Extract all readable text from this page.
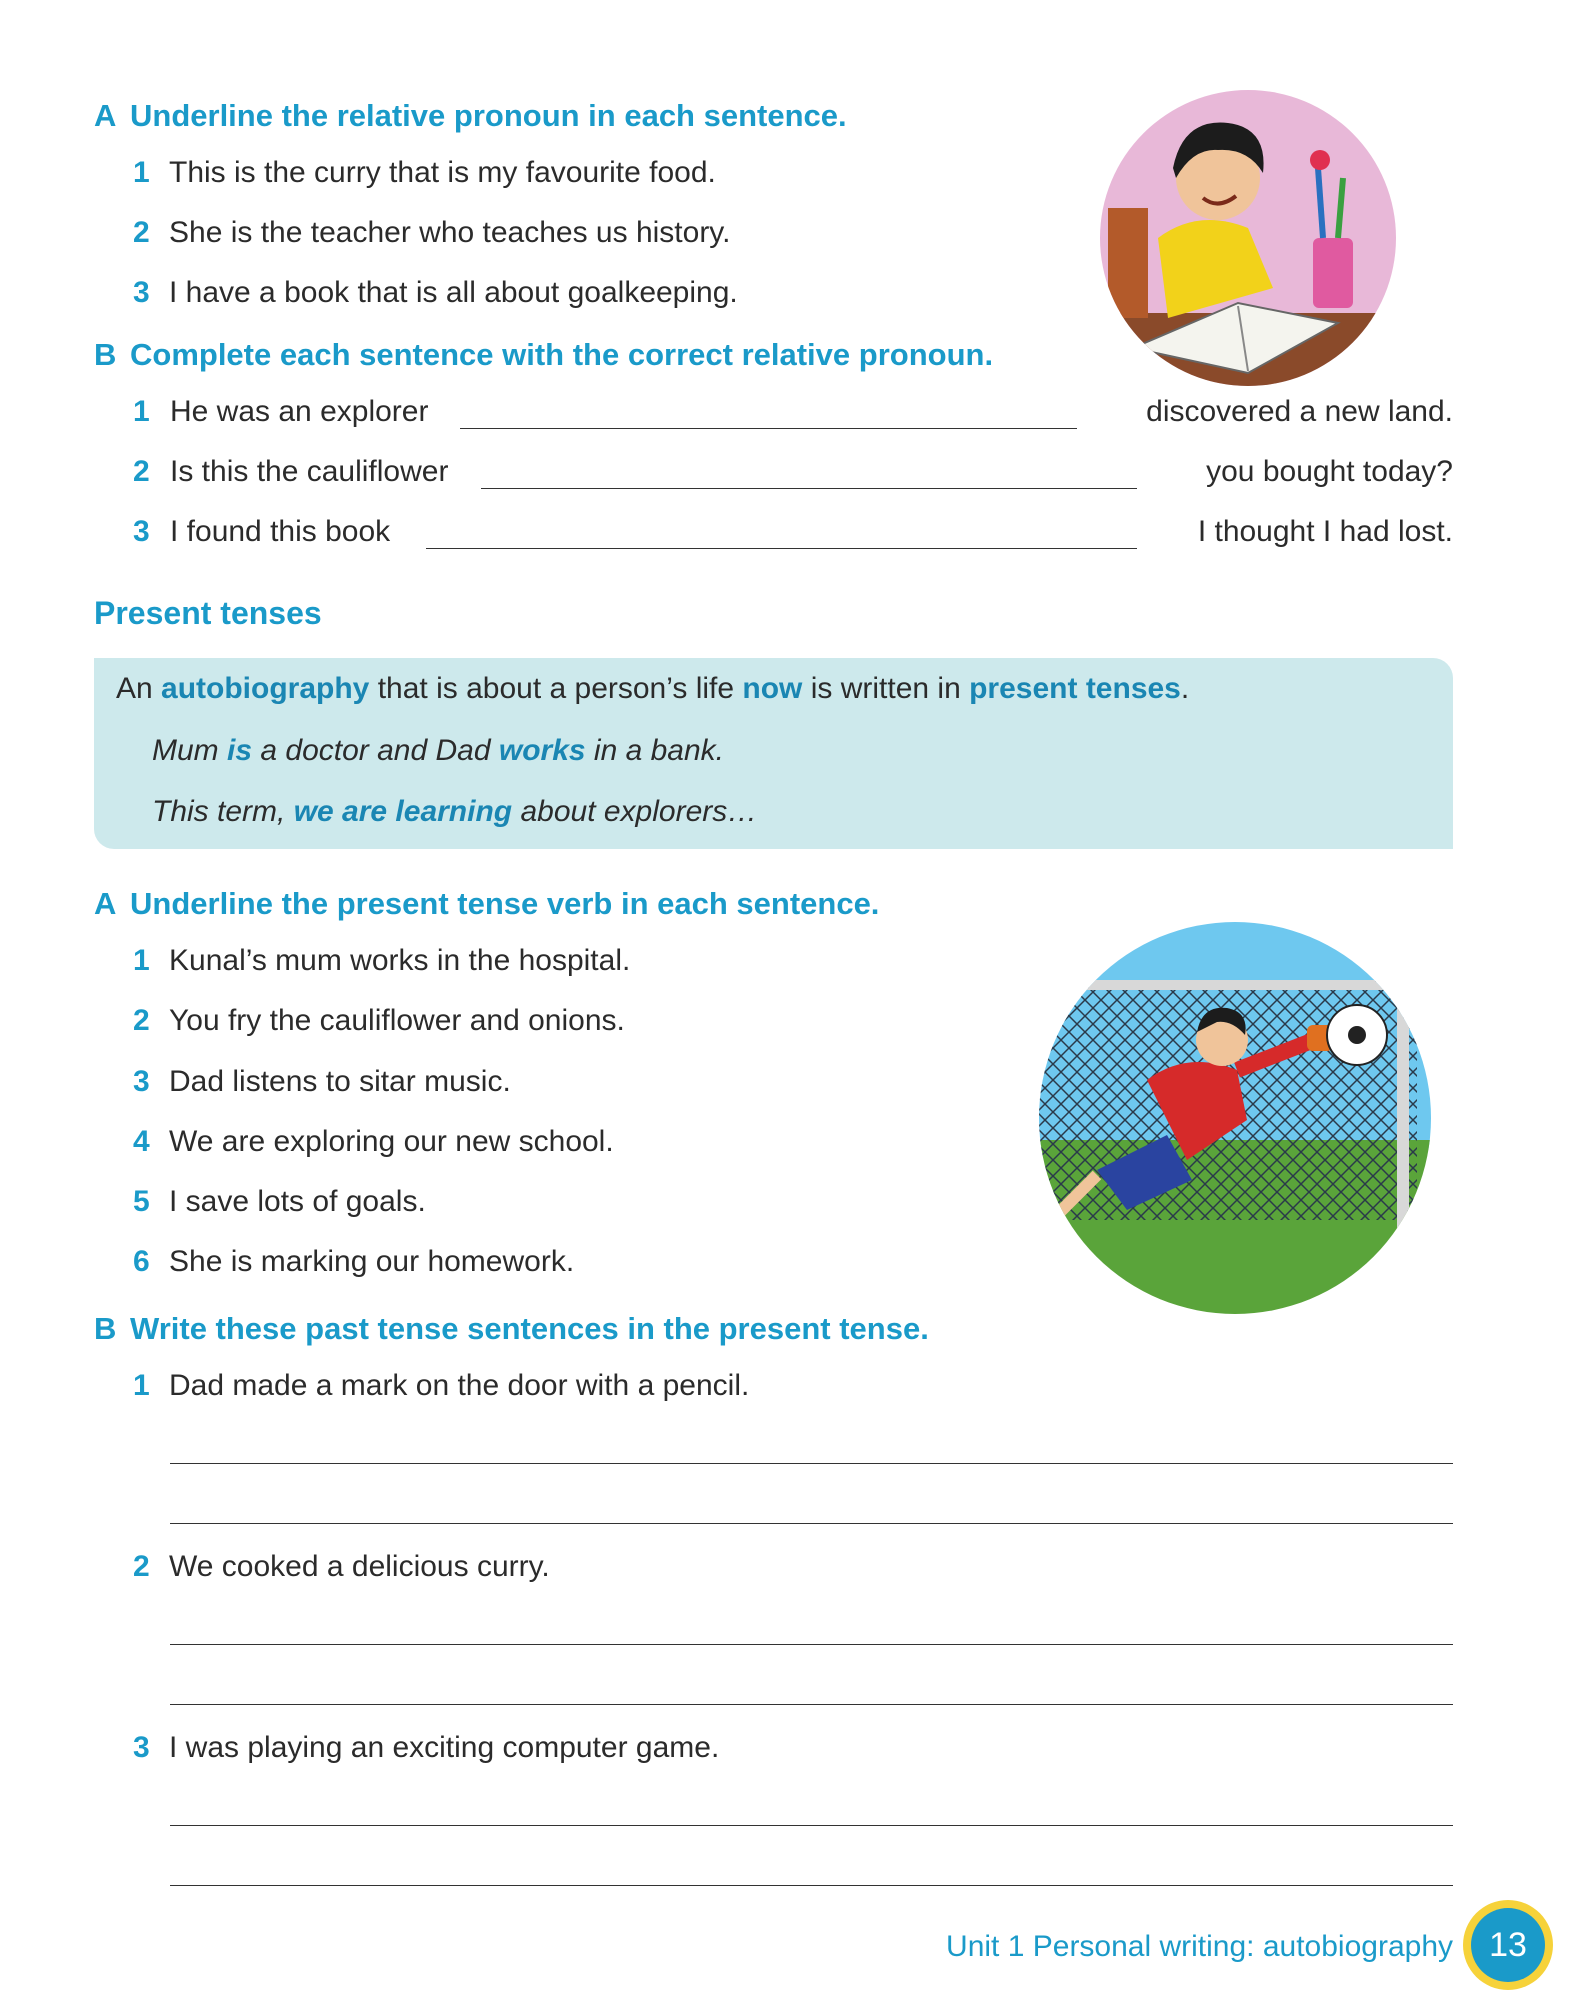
A Underline the relative pronoun in each sentence.
1 This is the curry that is my favourite food.
2 She is the teacher who teaches us history.
3 I have a book that is all about goalkeeping.
B Complete each sentence with the correct relative pronoun.
1 He was an explorer	discovered a new land.
2 Is this the cauliflower	you bought today?
3 I found this book	I thought I had lost.
Present tenses
An autobiography that is about a person’s life now is written in present tenses.
Mum is a doctor and Dad works in a bank.
This term, we are learning about explorers…
A Underline the present tense verb in each sentence.
1 Kunal’s mum works in the hospital.
2 You fry the cauliflower and onions.
3 Dad listens to sitar music.
4 We are exploring our new school.
5 I save lots of goals.
6 She is marking our homework.
B Write these past tense sentences in the present tense.
1 Dad made a mark on the door with a pencil.
2 We cooked a delicious curry.
3 I was playing an exciting computer game.
Unit 1 Personal writing: autobiography	13
